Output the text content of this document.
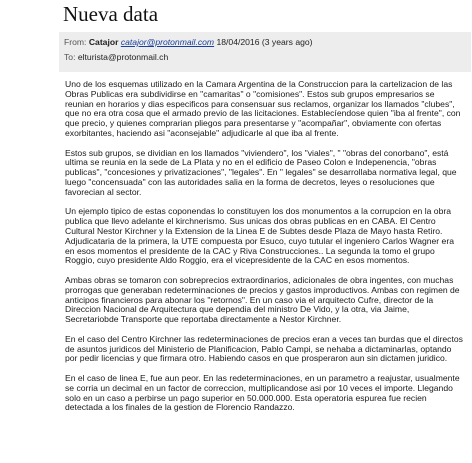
Nueva data
From: Catajor catajor@protonmail.com 18/04/2016 (3 years ago)
To: elturista@protonmail.ch

Uno de los esquemas utilizado en la Camara Argentina de la Construccion para la cartelizacion de las Obras Publicas era subdividirse en "camaritas" o "comisiones". Estos sub grupos empresarios se reunian en horarios y dias especificos para consensuar sus reclamos, organizar los llamados "clubes", que no era otra cosa que el armado previo de las licitaciones. Establecíendose quien "iba al frente", con que precio, y quienes comprarian pliegos para presentarse y "acompañar", obviamente con ofertas exorbitantes, haciendo asi "aconsejable" adjudicarle al que iba al frente.

Estos sub grupos, se dividian en los llamados "viviendero", los "viales", " "obras del conorbano", está ultima se reunia en la sede de La Plata y no en el edificio de Paseo Colon e Indepenencia, "obras publicas", "concesiones y privatizaciones", "legales". En " legales" se desarrollaba normativa legal, que luego "concensuada" con las autoridades salia en la forma de decretos, leyes o resoluciones que favorecian al sector.

Un ejemplo tipico de estas coponendas lo constituyen los dos monumentos a la corrupcion en la obra publica que llevo adelante el kirchnerismo. Sus unicas dos obras publicas en en CABA. El Centro Cultural Nestor Kirchner y la Extension de la Linea E de Subtes desde Plaza de Mayo hasta Retiro. Adjudicataria de la primera, la UTE compuesta por Esuco, cuyo tutular el ingeniero Carlos Wagner era en esos momentos el presidente de la CAC y Riva Construcciones.. La segunda la tomo el grupo Roggio, cuyo presidente Aldo Roggio, era el vicepresidente de la CAC en esos momentos.

Ambas obras se tomaron con sobreprecios extraordinarios, adicionales de obra ingentes, con muchas prorrogas que generaban redeterminaciones de precios y gastos improductivos. Ambas con regimen de anticipos financieros para abonar los "retornos". En un caso via el arquitecto Cufre, director de la Direccion Nacional de Arquitectura que dependia del ministro De Vido, y la otra, via Jaime, Secretariobde Transporte que reportaba directamente a Nestor Kirchner.

En el caso del Centro Kirchner las redeterminaciones de precios eran a veces tan burdas que el directos de asuntos juridicos del Ministerio de Planificacion, Pablo Campi, se nehaba a dictaminarlas, optando por pedir licencias y que firmara otro. Habiendo casos en que prosperaron aun sin dictamen juridico.

En el caso de linea E, fue aun peor. En las redeterminaciones, en un parametro a reajustar, usualmente se corria un decimal en un factor de correccion, multiplicandose asi por 10 veces el importe. Llegando solo en un caso a perbirse un pago superior en 50.000.000. Esta operatoria espurea fue recien detectada a los finales de la gestion de Florencio Randazzo.
